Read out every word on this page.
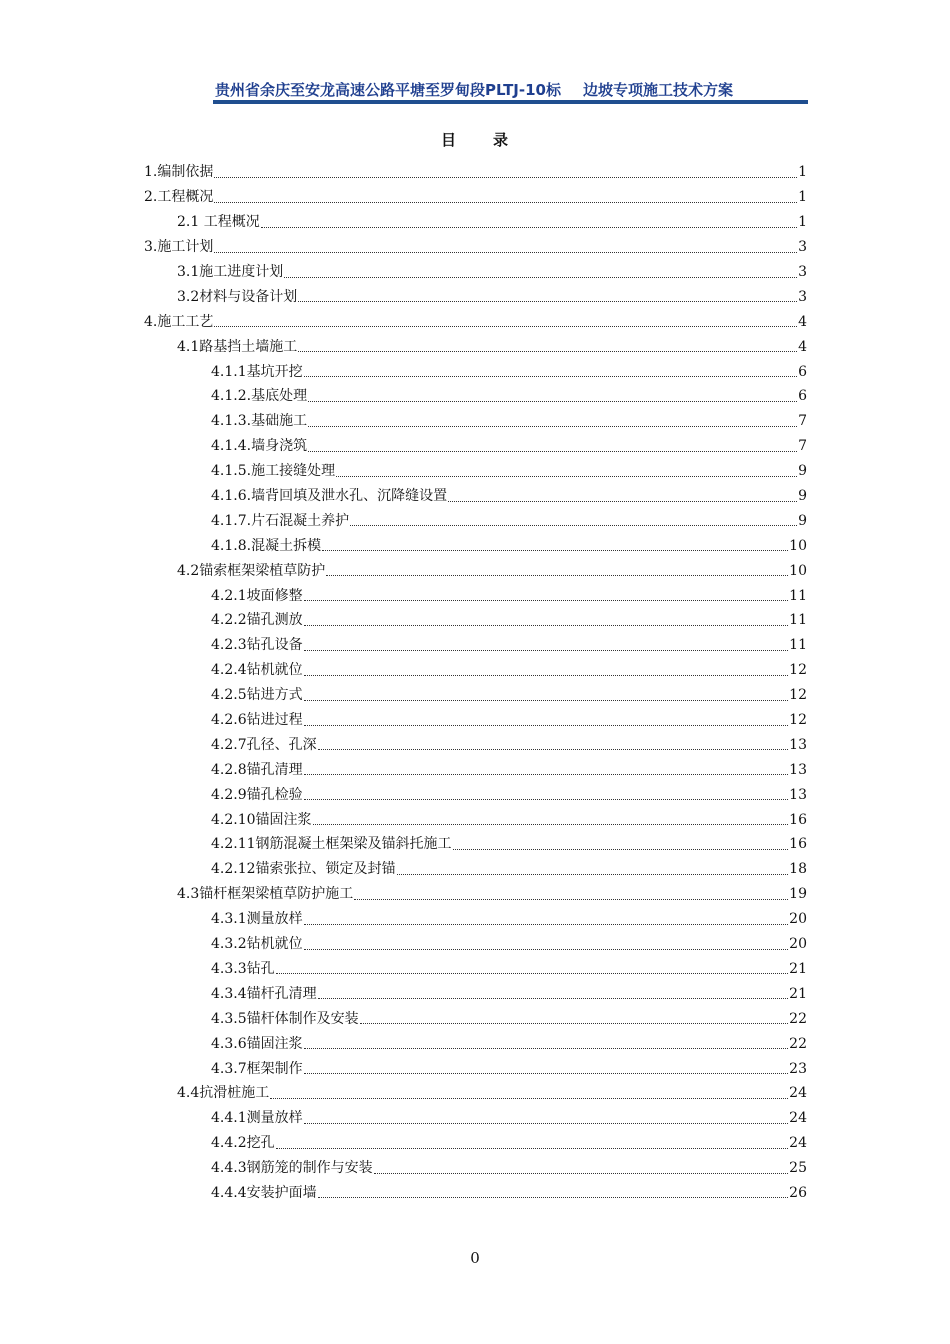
贵州省余庆至安龙高速公路平塘至罗甸段PLTJ-10标 边坡专项施工技术方案
目 录
1.编制依据	1
2.工程概况	1
2.1 工程概况	1
3.施工计划	3
3.1施工进度计划	3
3.2材料与设备计划	3
4.施工工艺	4
4.1路基挡土墙施工	4
4.1.1基坑开挖	6
4.1.2.基底处理	6
4.1.3.基础施工	7
4.1.4.墙身浇筑	7
4.1.5.施工接缝处理	9
4.1.6.墙背回填及泄水孔、沉降缝设置	9
4.1.7.片石混凝土养护	9
4.1.8.混凝土拆模	10
4.2锚索框架梁植草防护	10
4.2.1坡面修整	11
4.2.2锚孔测放	11
4.2.3钻孔设备	11
4.2.4钻机就位	12
4.2.5钻进方式	12
4.2.6钻进过程	12
4.2.7孔径、孔深	13
4.2.8锚孔清理	13
4.2.9锚孔检验	13
4.2.10锚固注浆	16
4.2.11钢筋混凝土框架梁及锚斜托施工	16
4.2.12锚索张拉、锁定及封锚	18
4.3锚杆框架梁植草防护施工	19
4.3.1测量放样	20
4.3.2钻机就位	20
4.3.3钻孔	21
4.3.4锚杆孔清理	21
4.3.5锚杆体制作及安装	22
4.3.6锚固注浆	22
4.3.7框架制作	23
4.4抗滑桩施工	24
4.4.1测量放样	24
4.4.2挖孔	24
4.4.3钢筋笼的制作与安装	25
4.4.4安装护面墙	26
0
